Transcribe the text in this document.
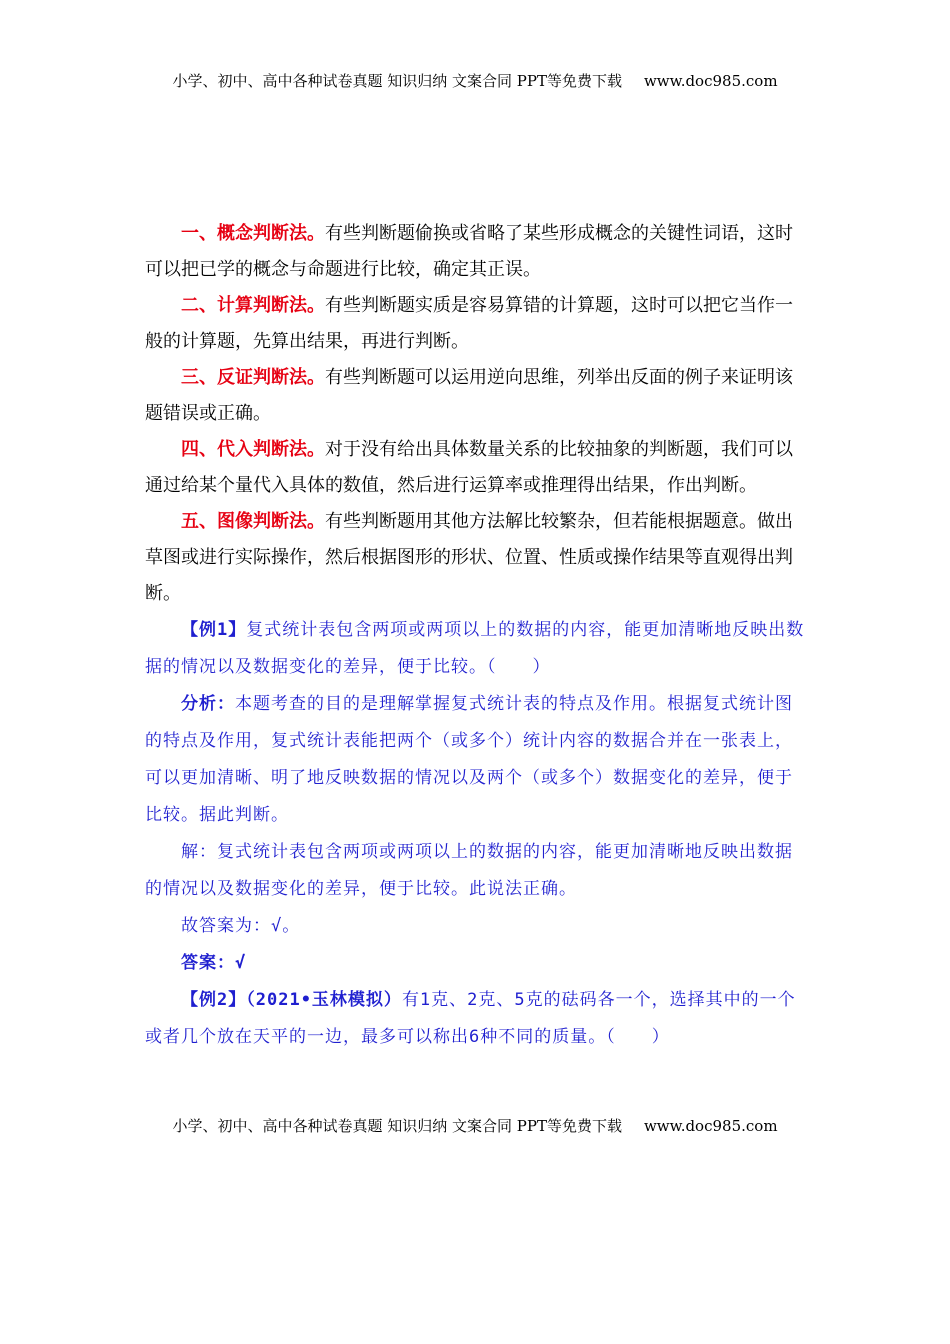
小学、初中、高中各种试卷真题 知识归纳 文案合同 PPT等免费下载 www.doc985.com

一、概念判断法。有些判断题偷换或省略了某些形成概念的关键性词语，这时可以把已学的概念与命题进行比较，确定其正误。

二、计算判断法。有些判断题实质是容易算错的计算题，这时可以把它当作一般的计算题，先算出结果，再进行判断。

三、反证判断法。有些判断题可以运用逆向思维，列举出反面的例子来证明该题错误或正确。

四、代入判断法。对于没有给出具体数量关系的比较抽象的判断题，我们可以通过给某个量代入具体的数值，然后进行运算率或推理得出结果，作出判断。

五、图像判断法。有些判断题用其他方法解比较繁杂，但若能根据题意。做出草图或进行实际操作，然后根据图形的形状、位置、性质或操作结果等直观得出判断。

【例1】复式统计表包含两项或两项以上的数据的内容，能更加清晰地反映出数据的情况以及数据变化的差异，便于比较。（　　）

分析：本题考查的目的是理解掌握复式统计表的特点及作用。根据复式统计图的特点及作用，复式统计表能把两个（或多个）统计内容的数据合并在一张表上，可以更加清晰、明了地反映数据的情况以及两个（或多个）数据变化的差异，便于比较。据此判断。

解：复式统计表包含两项或两项以上的数据的内容，能更加清晰地反映出数据的情况以及数据变化的差异，便于比较。此说法正确。

故答案为：√。

答案：√

【例2】（2021•玉林模拟）有1克、2克、5克的砝码各一个，选择其中的一个或者几个放在天平的一边，最多可以称出6种不同的质量。（　　）

小学、初中、高中各种试卷真题 知识归纳 文案合同 PPT等免费下载 www.doc985.com
